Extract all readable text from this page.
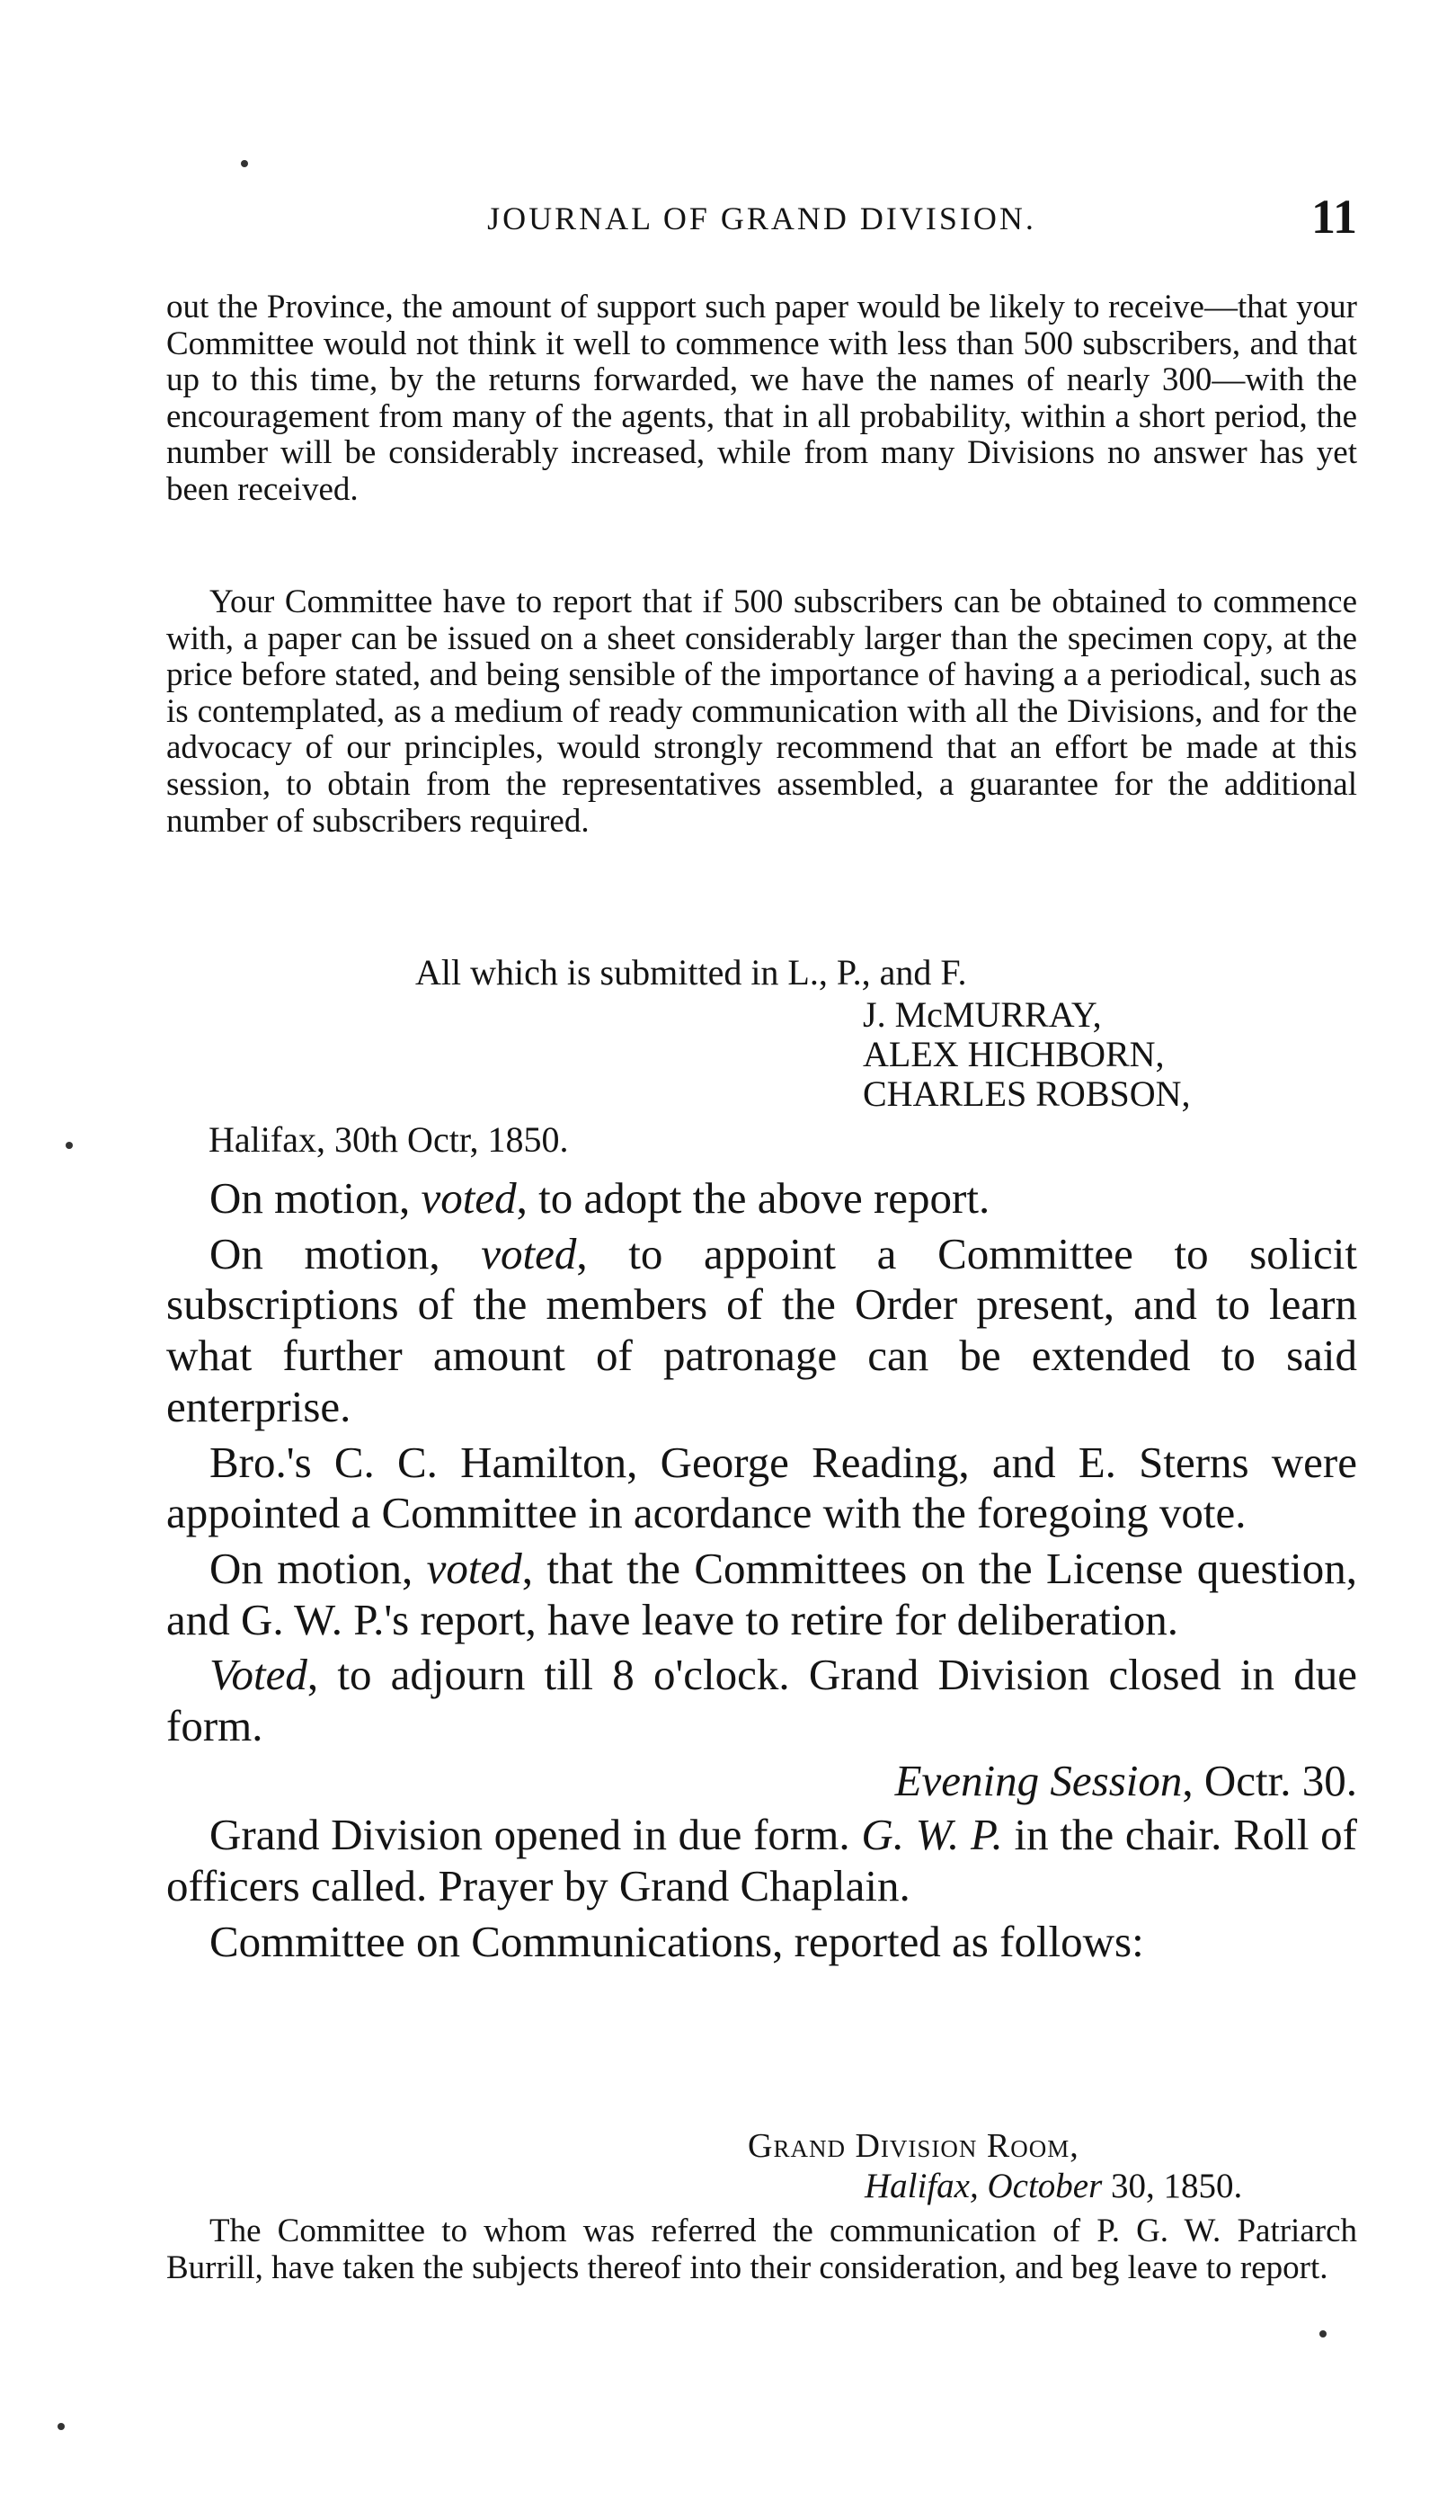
JOURNAL OF GRAND DIVISION.	11

out the Province, the amount of support such paper would be likely to receive—that your Committee would not think it well to commence with less than 500 subscribers, and that up to this time, by the returns forwarded, we have the names of nearly 300—with the encouragement from many of the agents, that in all probability, within a short period, the number will be considerably increased, while from many Divisions no answer has yet been received.

Your Committee have to report that if 500 subscribers can be obtained to commence with, a paper can be issued on a sheet considerably larger than the specimen copy, at the price before stated, and being sensible of the importance of having a a periodical, such as is contemplated, as a medium of ready communication with all the Divisions, and for the advocacy of our principles, would strongly recommend that an effort be made at this session, to obtain from the representatives assembled, a guarantee for the additional number of subscribers required.

All which is submitted in L., P., and F.
J. McMURRAY,
ALEX HICHBORN,
CHARLES ROBSON,
Halifax, 30th Octr, 1850.

On motion, voted, to adopt the above report.

On motion, voted, to appoint a Committee to solicit subscriptions of the members of the Order present, and to learn what further amount of patronage can be extended to said enterprise.

Bro.'s C. C. Hamilton, George Reading, and E. Sterns were appointed a Committee in acordance with the foregoing vote.

On motion, voted, that the Committees on the License question, and G. W. P.'s report, have leave to retire for deliberation.

Voted, to adjourn till 8 o'clock. Grand Division closed in due form.

Evening Session, Octr. 30.

Grand Division opened in due form. G. W. P. in the chair. Roll of officers called. Prayer by Grand Chaplain.

Committee on Communications, reported as follows:

Grand Division Room,
Halifax, October 30, 1850.

The Committee to whom was referred the communication of P. G. W. Patriarch Burrill, have taken the subjects thereof into their consideration, and beg leave to report.
